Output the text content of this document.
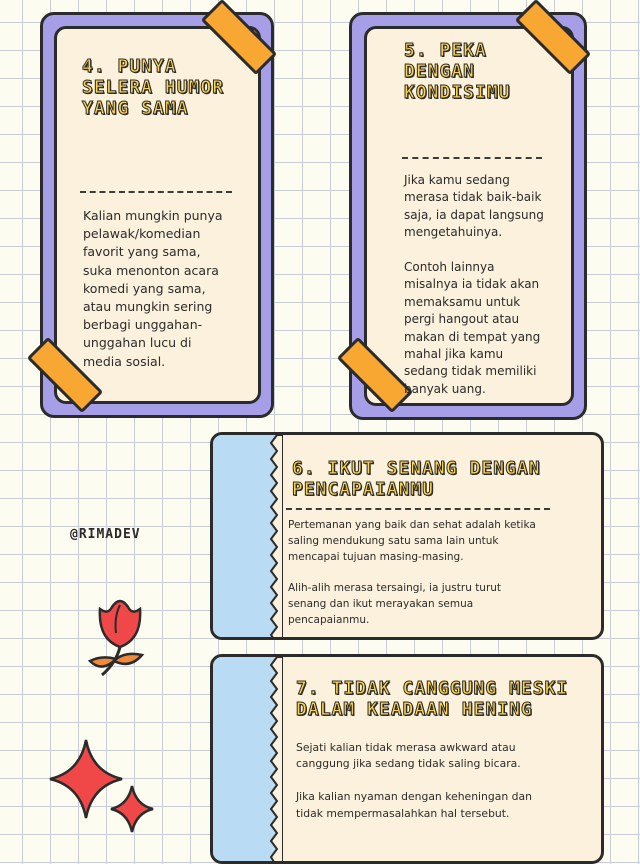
4. PUNYA
SELERA HUMOR
YANG SAMA
Kalian mungkin punya
pelawak/komedian
favorit yang sama,
suka menonton acara
komedi yang sama,
atau mungkin sering
berbagi unggahan-
unggahan lucu di
media sosial.
5. PEKA
DENGAN
KONDISIMU
Jika kamu sedang
merasa tidak baik-baik
saja, ia dapat langsung
mengetahuinya.

Contoh lainnya
misalnya ia tidak akan
memaksamu untuk
pergi hangout atau
makan di tempat yang
mahal jika kamu
sedang tidak memiliki
banyak uang.
6. IKUT SENANG DENGAN
PENCAPAIANMU
Pertemanan yang baik dan sehat adalah ketika
saling mendukung satu sama lain untuk
mencapai tujuan masing-masing.

Alih-alih merasa tersaingi, ia justru turut
senang dan ikut merayakan semua
pencapaianmu.
7. TIDAK CANGGUNG MESKI
DALAM KEADAAN HENING
Sejati kalian tidak merasa awkward atau
canggung jika sedang tidak saling bicara.

Jika kalian nyaman dengan keheningan dan
tidak mempermasalahkan hal tersebut.
@RIMADEV
